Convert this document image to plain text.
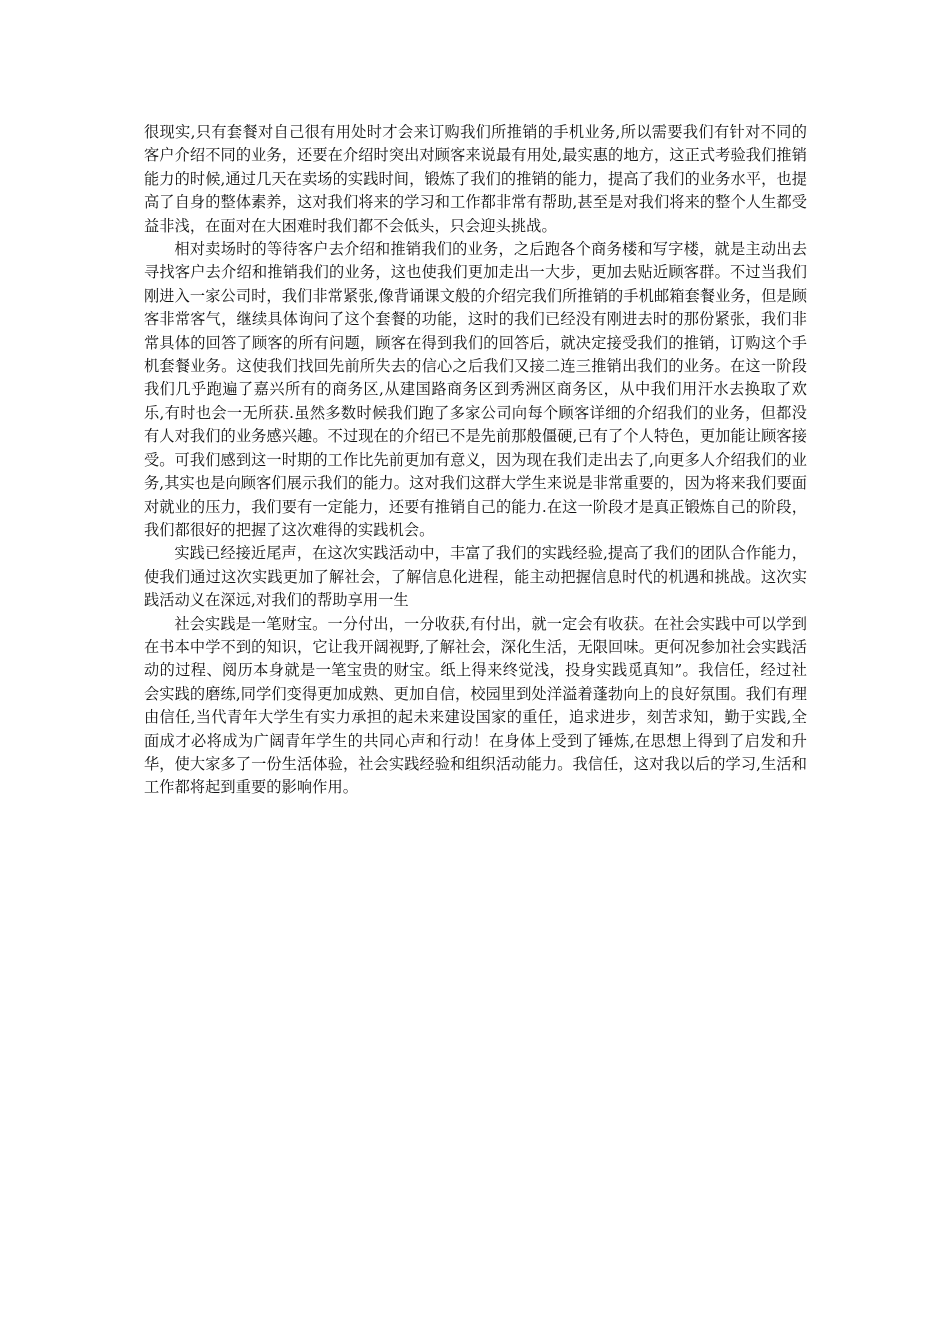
很现实,只有套餐对自己很有用处时才会来订购我们所推销的手机业务,所以需要我们有针对不同的客户介绍不同的业务，还要在介绍时突出对顾客来说最有用处,最实惠的地方，这正式考验我们推销能力的时候,通过几天在卖场的实践时间，锻炼了我们的推销的能力，提高了我们的业务水平，也提高了自身的整体素养，这对我们将来的学习和工作都非常有帮助,甚至是对我们将来的整个人生都受益非浅，在面对在大困难时我们都不会低头，只会迎头挑战。

相对卖场时的等待客户去介绍和推销我们的业务，之后跑各个商务楼和写字楼，就是主动出去寻找客户去介绍和推销我们的业务，这也使我们更加走出一大步，更加去贴近顾客群。不过当我们刚进入一家公司时，我们非常紧张,像背诵课文般的介绍完我们所推销的手机邮箱套餐业务，但是顾客非常客气，继续具体询问了这个套餐的功能，这时的我们已经没有刚进去时的那份紧张，我们非常具体的回答了顾客的所有问题，顾客在得到我们的回答后，就决定接受我们的推销，订购这个手机套餐业务。这使我们找回先前所失去的信心之后我们又接二连三推销出我们的业务。在这一阶段我们几乎跑遍了嘉兴所有的商务区,从建国路商务区到秀洲区商务区，从中我们用汗水去换取了欢乐,有时也会一无所获.虽然多数时候我们跑了多家公司向每个顾客详细的介绍我们的业务，但都没有人对我们的业务感兴趣。不过现在的介绍已不是先前那般僵硬,已有了个人特色，更加能让顾客接受。可我们感到这一时期的工作比先前更加有意义，因为现在我们走出去了,向更多人介绍我们的业务,其实也是向顾客们展示我们的能力。这对我们这群大学生来说是非常重要的，因为将来我们要面对就业的压力，我们要有一定能力，还要有推销自己的能力.在这一阶段才是真正锻炼自己的阶段，我们都很好的把握了这次难得的实践机会。

实践已经接近尾声，在这次实践活动中，丰富了我们的实践经验,提高了我们的团队合作能力，使我们通过这次实践更加了解社会，了解信息化进程，能主动把握信息时代的机遇和挑战。这次实践活动义在深远,对我们的帮助享用一生

社会实践是一笔财宝。一分付出，一分收获,有付出，就一定会有收获。在社会实践中可以学到在书本中学不到的知识，它让我开阔视野,了解社会，深化生活，无限回味。更何况参加社会实践活动的过程、阅历本身就是一笔宝贵的财宝。纸上得来终觉浅，投身实践觅真知”。我信任，经过社会实践的磨练,同学们变得更加成熟、更加自信，校园里到处洋溢着蓬勃向上的良好氛围。我们有理由信任,当代青年大学生有实力承担的起未来建设国家的重任，追求进步，刻苦求知，勤于实践,全面成才必将成为广阔青年学生的共同心声和行动！在身体上受到了锤炼,在思想上得到了启发和升华，使大家多了一份生活体验，社会实践经验和组织活动能力。我信任，这对我以后的学习,生活和工作都将起到重要的影响作用。
